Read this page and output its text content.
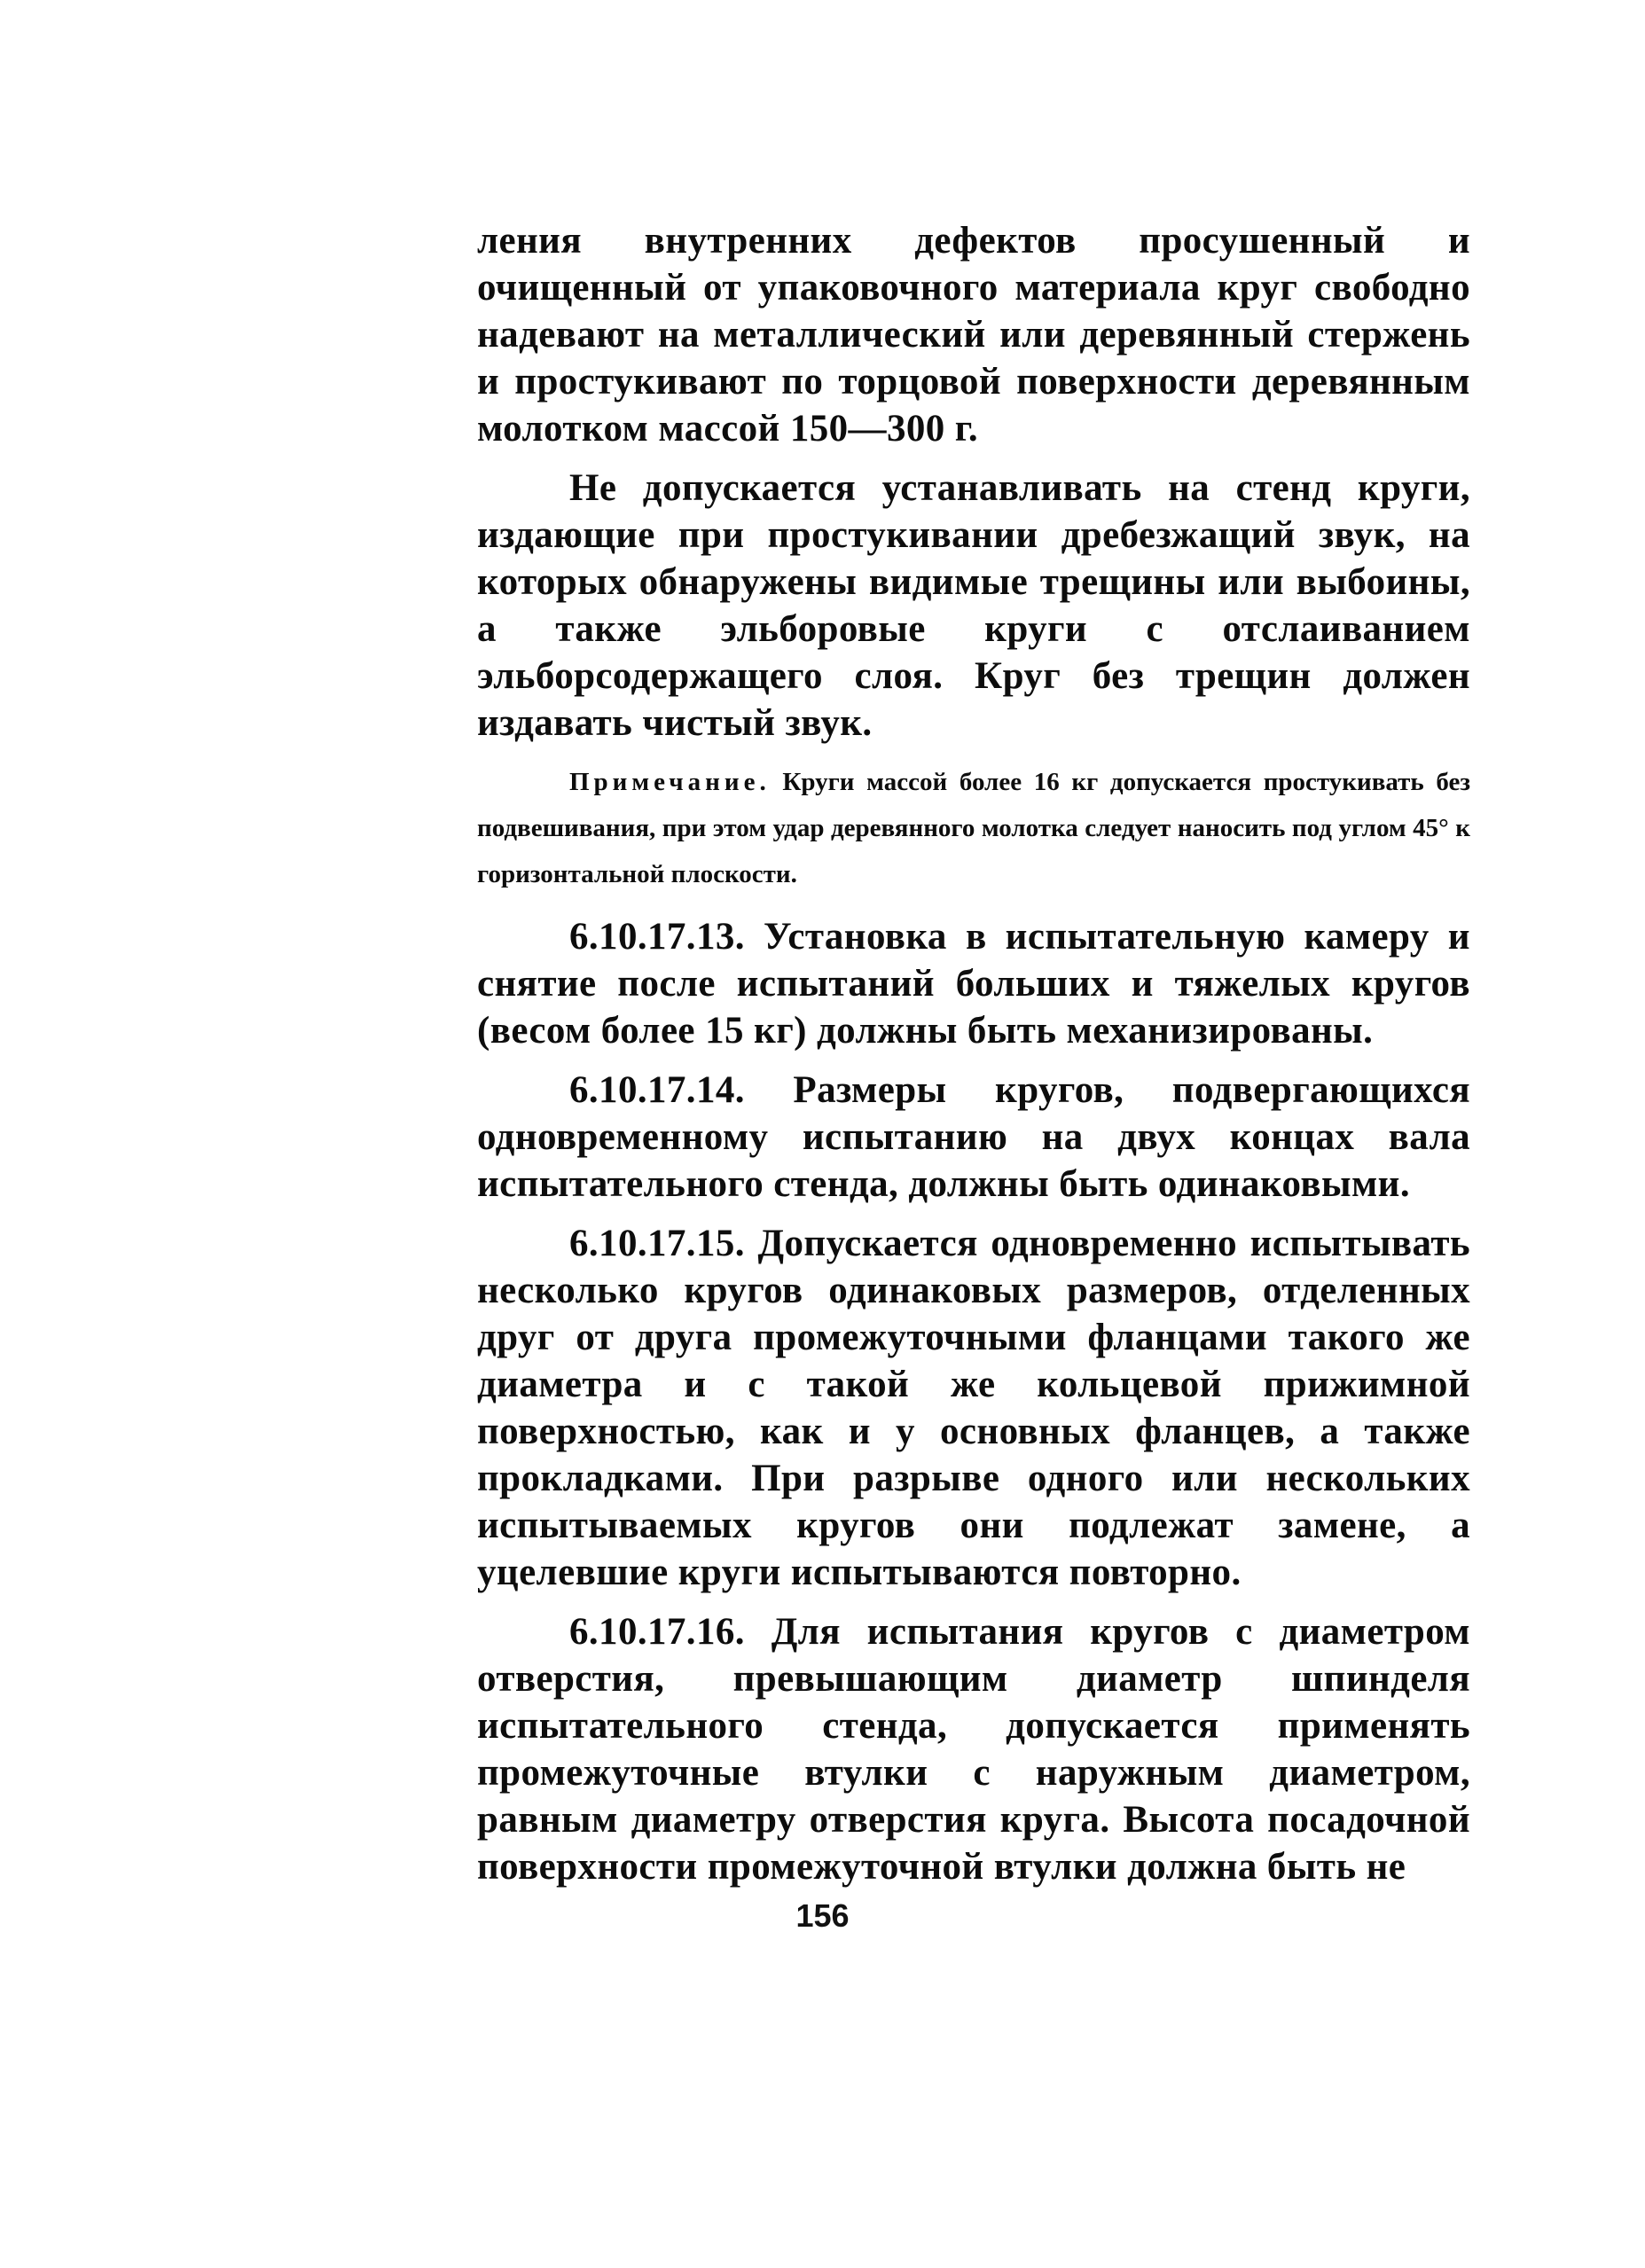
ления внутренних дефектов просушенный и очищенный от упаковочного материала круг свободно надевают на металлический или деревянный стержень и простукивают по торцовой поверхности деревянным молотком массой 150—300 г.

Не допускается устанавливать на стенд круги, издающие при простукивании дребезжащий звук, на которых обнаружены видимые трещины или выбоины, а также эльборовые круги с отслаиванием эльборсодержащего слоя. Круг без трещин должен издавать чистый звук.

Примечание. Круги массой более 16 кг допускается простукивать без подвешивания, при этом удар деревянного молотка следует наносить под углом 45° к горизонтальной плоскости.

6.10.17.13. Установка в испытательную камеру и снятие после испытаний больших и тяжелых кругов (весом более 15 кг) должны быть механизированы.

6.10.17.14. Размеры кругов, подвергающихся одновременному испытанию на двух концах вала испытательного стенда, должны быть одинаковыми.

6.10.17.15. Допускается одновременно испытывать несколько кругов одинаковых размеров, отделенных друг от друга промежуточными фланцами такого же диаметра и с такой же кольцевой прижимной поверхностью, как и у основных фланцев, а также прокладками. При разрыве одного или нескольких испытываемых кругов они подлежат замене, а уцелевшие круги испытываются повторно.

6.10.17.16. Для испытания кругов с диаметром отверстия, превышающим диаметр шпинделя испытательного стенда, допускается применять промежуточные втулки с наружным диаметром, равным диаметру отверстия круга. Высота посадочной поверхности промежуточной втулки должна быть не

156
